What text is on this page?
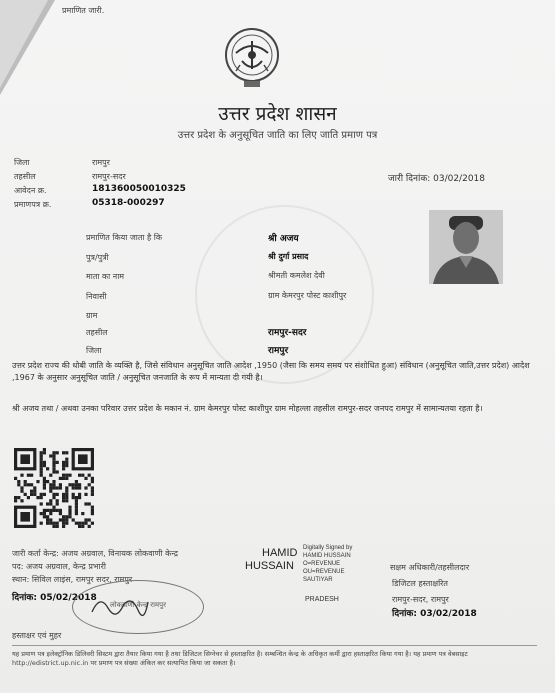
प्रमाणित जारी.
उत्तर प्रदेश शासन
उत्तर प्रदेश के अनुसूचित जाति का लिए जाति प्रमाण पत्र
जिला	रामपुर
तहसील	रामपुर-सदर
आवेदन क्र.	181360050010325
प्रमाणपत्र क्र.	05318-000297
जारी दिनांक: 03/02/2018
प्रमाणित किया जाता है कि	श्री अजय
पुत्र/पुत्री	श्री दुर्गा प्रसाद
माता का नाम	श्रीमती कमलेश देवी
निवासी	ग्राम केमरपुर पोस्ट काशीपुर
ग्राम
तहसील	रामपुर-सदर
जिला	रामपुर
उत्तर प्रदेश राज्य की धोबी जाति के व्यक्ति है, जिसे संविधान अनुसूचित जाति आदेश ,1950 (जैसा कि समय समय पर संशोधित हुआ) संविधान (अनुसूचित जाति,उत्तर प्रदेश) आदेश ,1967 के अनुसार अनुसूचित जाति / अनुसूचित जनजाति के रूप में मान्यता दी गयी है।
श्री अजय तथा / अथवा उनका परिवार उत्तर प्रदेश के मकान नं. ग्राम केमरपुर पोस्ट काशीपुर ग्राम मोहल्ला तहसील रामपुर-सदर जनपद रामपुर में सामान्यतया रहता है।
जारी कर्ता केन्द्र: अजय अग्रवाल, विनायक लोकवाणी केन्द्र
पद: अजय अग्रवाल, केन्द्र प्रभारी
स्थान: सिविल लाइंस, रामपुर सदर, रामपुर
दिनांक: 05/02/2018
लोकवाणी केन्द्र रामपुर
हस्ताक्षर एवं मुहर
HAMID
HUSSAIN
Digitally Signed by HAMID HUSSAIN O=REVENUE OU=REVENUE SAUTIYAR
PRADESH
सक्षम अधिकारी/तहसीलदार
डिजिटल हस्ताक्षरित
रामपुर-सदर, रामपुर
दिनांक: 03/02/2018
यह प्रमाण पत्र इलेक्ट्रॉनिक डिलिवरी सिस्टम द्वारा तैयार किया गया है तथा डिजिटल सिग्नेचर से हस्ताक्षरित है। सम्बन्धित केन्द्र के अधिकृत कर्मी द्वारा हस्ताक्षरित किया गया है। यह प्रमाण पत्र वेबसाइट http://edistrict.up.nic.in पर प्रमाण पत्र संख्या अंकित कर सत्यापित किया जा सकता है।
